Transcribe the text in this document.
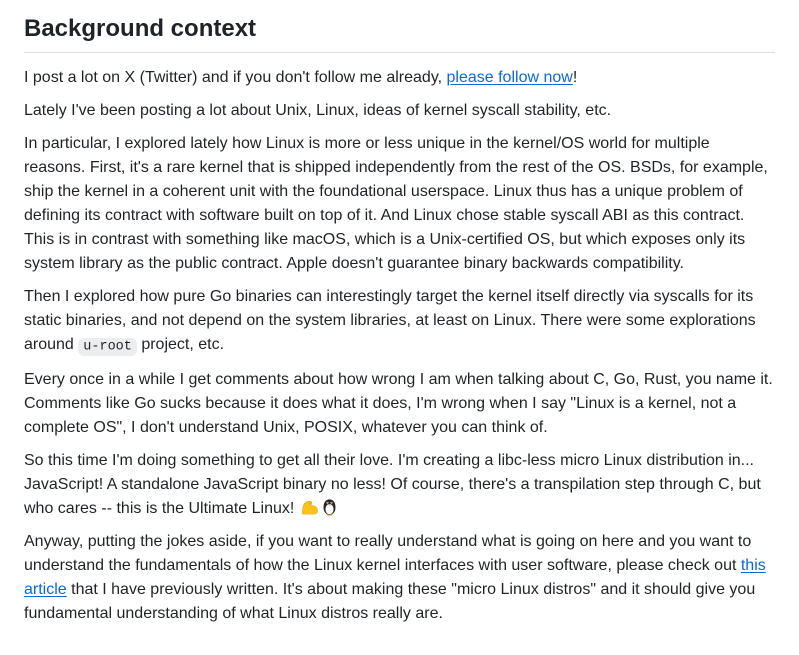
Background context

I post a lot on X (Twitter) and if you don't follow me already, please follow now!

Lately I've been posting a lot about Unix, Linux, ideas of kernel syscall stability, etc.

In particular, I explored lately how Linux is more or less unique in the kernel/OS world for multiple reasons. First, it's a rare kernel that is shipped independently from the rest of the OS. BSDs, for example, ship the kernel in a coherent unit with the foundational userspace. Linux thus has a unique problem of defining its contract with software built on top of it. And Linux chose stable syscall ABI as this contract. This is in contrast with something like macOS, which is a Unix-certified OS, but which exposes only its system library as the public contract. Apple doesn't guarantee binary backwards compatibility.

Then I explored how pure Go binaries can interestingly target the kernel itself directly via syscalls for its static binaries, and not depend on the system libraries, at least on Linux. There were some explorations around u-root project, etc.

Every once in a while I get comments about how wrong I am when talking about C, Go, Rust, you name it. Comments like Go sucks because it does what it does, I'm wrong when I say "Linux is a kernel, not a complete OS", I don't understand Unix, POSIX, whatever you can think of.

So this time I'm doing something to get all their love. I'm creating a libc-less micro Linux distribution in... JavaScript! A standalone JavaScript binary no less! Of course, there's a transpilation step through C, but who cares -- this is the Ultimate Linux!

Anyway, putting the jokes aside, if you want to really understand what is going on here and you want to understand the fundamentals of how the Linux kernel interfaces with user software, please check out this article that I have previously written. It's about making these "micro Linux distros" and it should give you fundamental understanding of what Linux distros really are.
